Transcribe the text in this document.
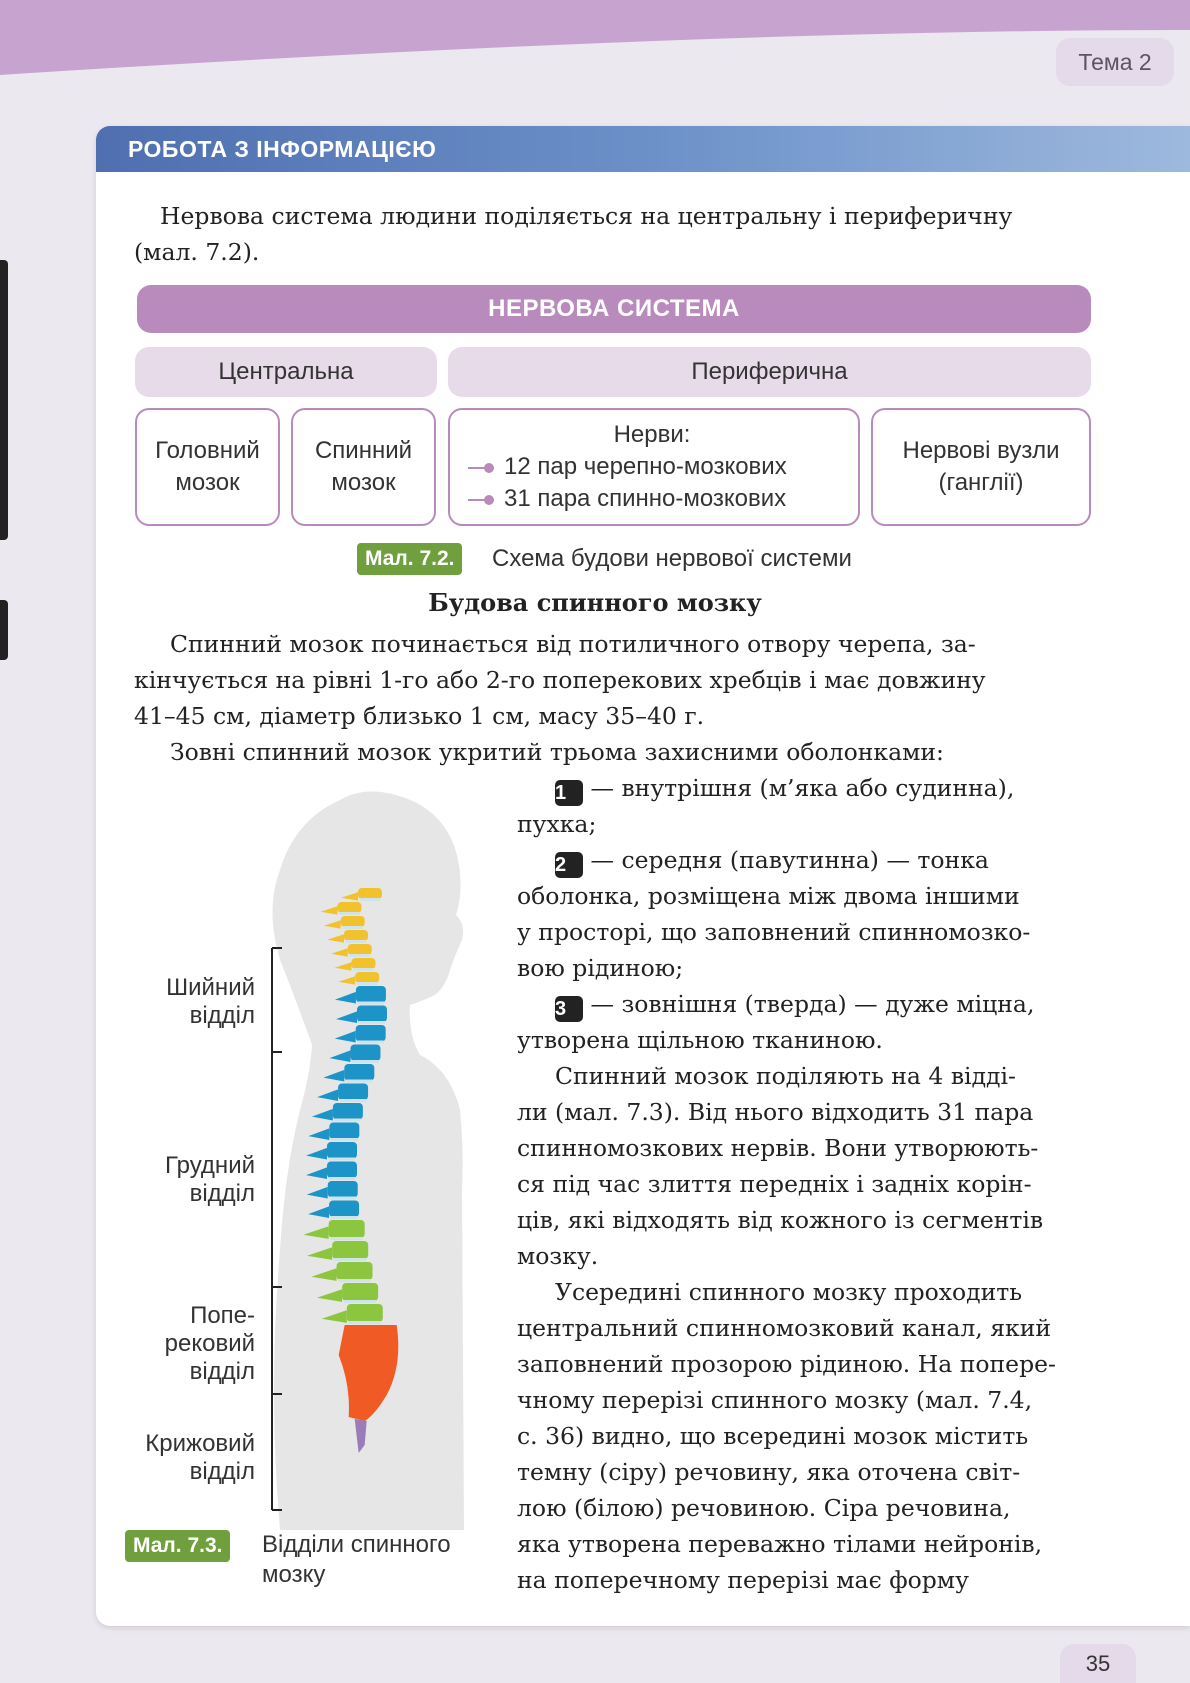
Тема 2
РОБОТА З ІНФОРМАЦІЄЮ

Нервова система людини поділяється на центральну і периферичну
(мал. 7.2).

НЕРВОВА СИСТЕМА
Центральна	Периферична
Головний
мозок
Спинний
мозок
Нерви:
12 пар черепно-мозкових
31 пара спинно-мозкових
Нервові вузли
(ганглії)
Мал. 7.2.	Схема будови нервової системи
Будова спинного мозку

Спинний мозок починається від потиличного отвору черепа, за-
кінчується на рівні 1-го або 2-го поперекових хребців і має довжину
41–45 см, діаметр близько 1 см, масу 35–40 г.

Зовні спинний мозок укритий трьома захисними оболонками:

1 — внутрішня (м’яка або судинна),
пухка;

2 — середня (павутинна) — тонка
оболонка, розміщена між двома іншими
у просторі, що заповнений спинномозко-
вою рідиною;

3 — зовнішня (тверда) — дуже міцна,
утворена щільною тканиною.

Спинний мозок поділяють на 4 відді-
ли (мал. 7.3). Від нього відходить 31 пара
спинномозкових нервів. Вони утворюють-
ся під час злиття передніх і задніх корін-
ців, які відходять від кожного із сегментів
мозку.

Усередині спинного мозку проходить
центральний спинномозковий канал, який
заповнений прозорою рідиною. На попере-
чному перерізі спинного мозку (мал. 7.4,
с. 36) видно, що всередині мозок містить
темну (сіру) речовину, яка оточена світ-
лою (білою) речовиною. Сіра речовина,
яка утворена переважно тілами нейронів,
на поперечному перерізі має форму

Шийний
відділ
Грудний
відділ
Попе-
рековий
відділ
Крижовий
відділ
Мал. 7.3.	Відділи спинного
мозку
35
